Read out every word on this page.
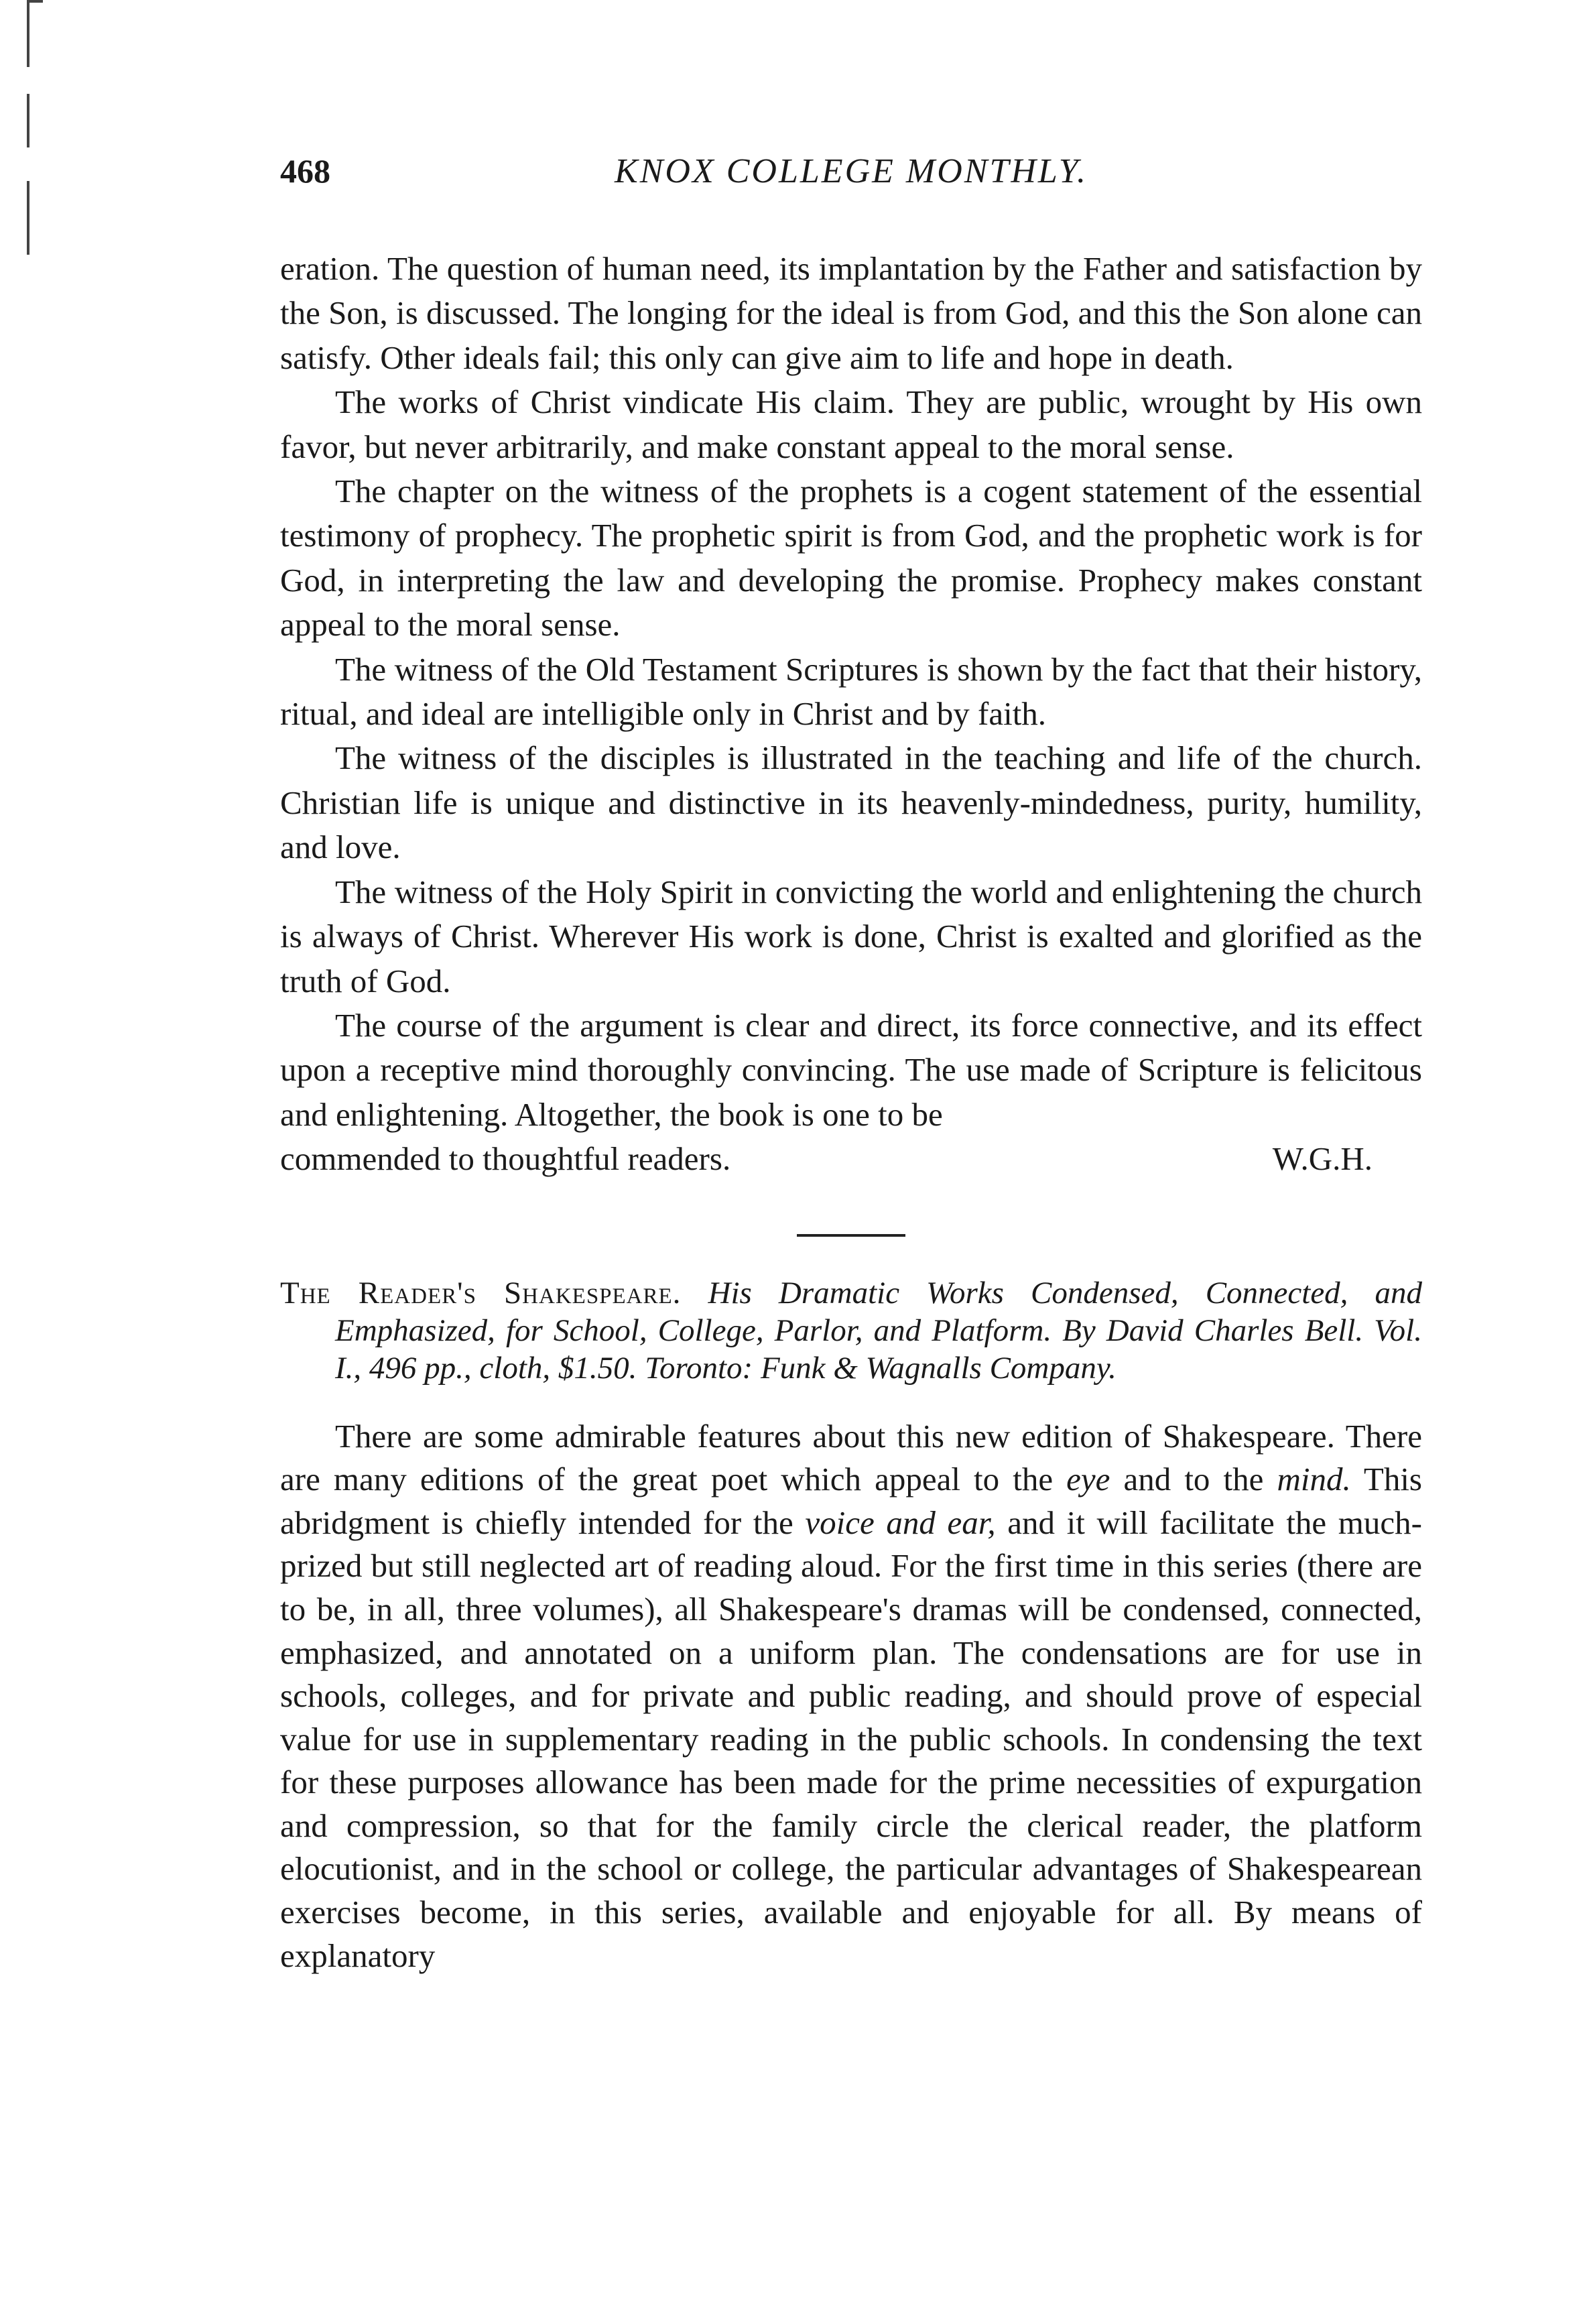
468	KNOX COLLEGE MONTHLY.

eration. The question of human need, its implantation by the Father and satisfaction by the Son, is discussed. The longing for the ideal is from God, and this the Son alone can satisfy. Other ideals fail; this only can give aim to life and hope in death.

The works of Christ vindicate His claim. They are public, wrought by His own favor, but never arbitrarily, and make constant appeal to the moral sense.

The chapter on the witness of the prophets is a cogent statement of the essential testimony of prophecy. The prophetic spirit is from God, and the prophetic work is for God, in interpreting the law and developing the promise. Prophecy makes constant appeal to the moral sense.

The witness of the Old Testament Scriptures is shown by the fact that their history, ritual, and ideal are intelligible only in Christ and by faith.

The witness of the disciples is illustrated in the teaching and life of the church. Christian life is unique and distinctive in its heavenly-mindedness, purity, humility, and love.

The witness of the Holy Spirit in convicting the world and enlightening the church is always of Christ. Wherever His work is done, Christ is exalted and glorified as the truth of God.

The course of the argument is clear and direct, its force connective, and its effect upon a receptive mind thoroughly convincing. The use made of Scripture is felicitous and enlightening. Altogether, the book is one to be

commended to thoughtful readers.	W.G.H.

The Reader's Shakespeare. His Dramatic Works Condensed, Connected, and Emphasized, for School, College, Parlor, and Platform. By David Charles Bell. Vol. I., 496 pp., cloth, $1.50. Toronto: Funk & Wagnalls Company.

There are some admirable features about this new edition of Shakespeare. There are many editions of the great poet which appeal to the eye and to the mind. This abridgment is chiefly intended for the voice and ear, and it will facilitate the much-prized but still neglected art of reading aloud. For the first time in this series (there are to be, in all, three volumes), all Shakespeare's dramas will be condensed, connected, emphasized, and annotated on a uniform plan. The condensations are for use in schools, colleges, and for private and public reading, and should prove of especial value for use in supplementary reading in the public schools. In condensing the text for these purposes allowance has been made for the prime necessities of expurgation and compression, so that for the family circle the clerical reader, the platform elocutionist, and in the school or college, the particular advantages of Shakespearean exercises become, in this series, available and enjoyable for all. By means of explanatory
